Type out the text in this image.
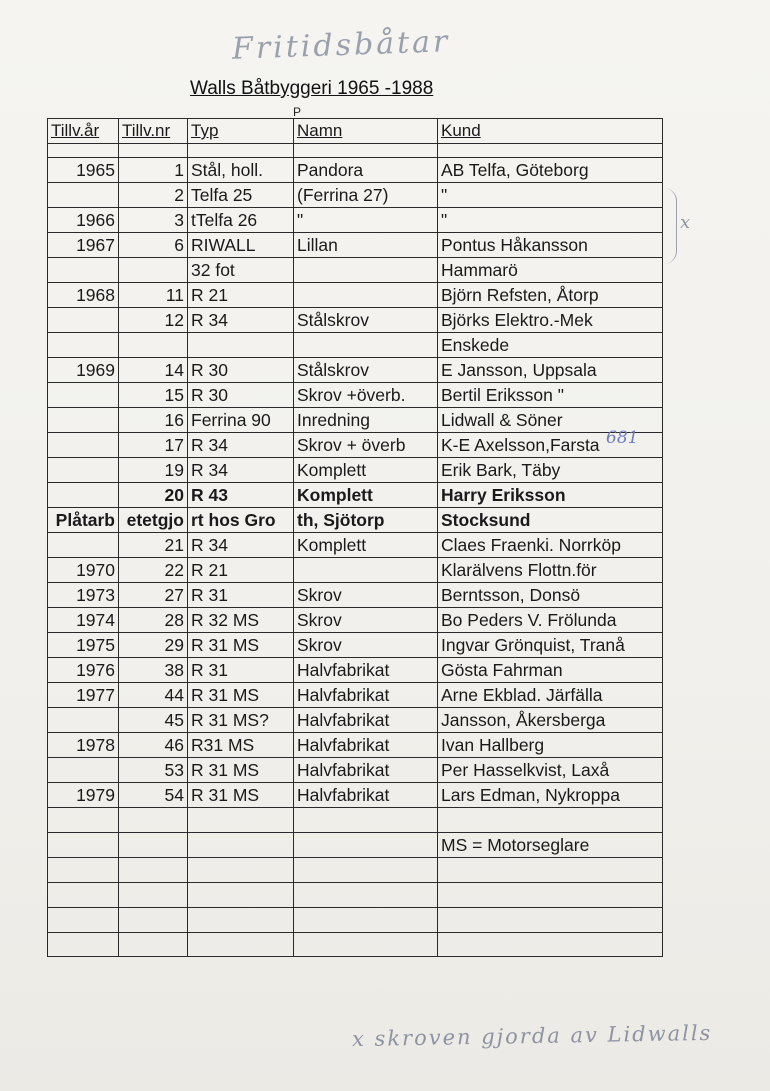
Fritidsbåtar
Walls Båtbyggeri 1965 -1988
P
Tillv.år	Tillv.nr	Typ	Namn	Kund

1965	1	Stål, holl.	Pandora	AB Telfa, Göteborg
	2	Telfa 25	(Ferrina 27)	"
1966	3	tTelfa 26	"	"
1967	6	RIWALL	Lillan	Pontus Håkansson
		32 fot		Hammarö
1968	11	R 21		Björn Refsten, Åtorp
	12	R 34	Stålskrov	Björks Elektro.-Mek
				Enskede
1969	14	R 30	Stålskrov	E Jansson, Uppsala
	15	R 30	Skrov +överb.	Bertil Eriksson "
	16	Ferrina 90	Inredning	Lidwall & Söner
	17	R 34	Skrov + överb	K-E Axelsson,Farsta
	19	R 34	Komplett	Erik Bark, Täby
	20	R 43	Komplett	Harry Eriksson
Plåtarb	etetgjo	rt hos Gro	th, Sjötorp	Stocksund
	21	R 34	Komplett	Claes Fraenki. Norrköp
1970	22	R 21		Klarälvens Flottn.för
1973	27	R 31	Skrov	Berntsson, Donsö
1974	28	R 32 MS	Skrov	Bo Peders V. Frölunda
1975	29	R 31 MS	Skrov	Ingvar Grönquist, Tranå
1976	38	R 31	Halvfabrikat	Gösta Fahrman
1977	44	R 31 MS	Halvfabrikat	Arne Ekblad. Järfälla
	45	R 31 MS?	Halvfabrikat	Jansson, Åkersberga
1978	46	R31 MS	Halvfabrikat	Ivan Hallberg
	53	R 31 MS	Halvfabrikat	Per Hasselkvist, Laxå
1979	54	R 31 MS	Halvfabrikat	Lars Edman, Nykroppa

				MS = Motorseglare

x
681
x skroven gjorda av Lidwalls
